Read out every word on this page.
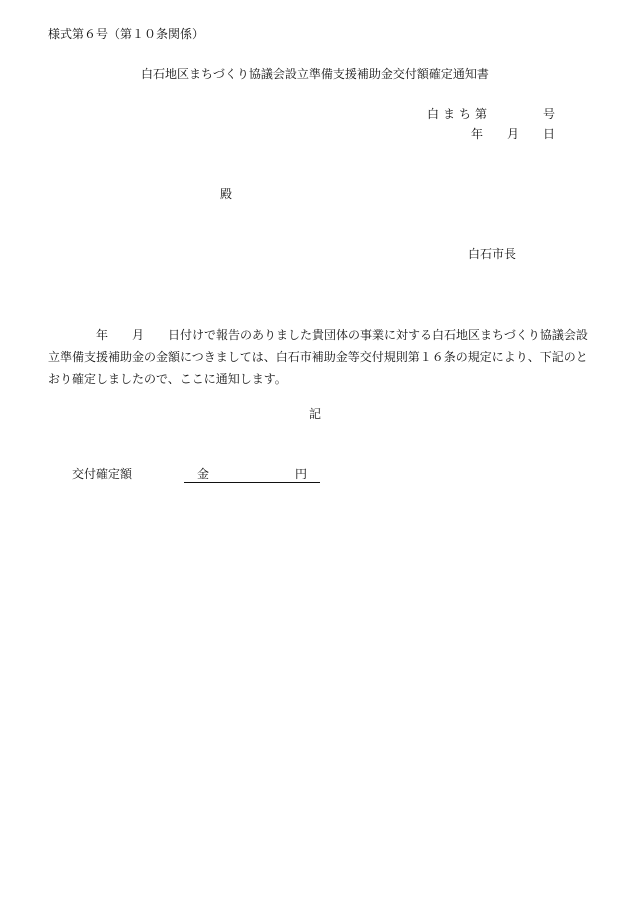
様式第６号（第１０条関係）
白石地区まちづくり協議会設立準備支援補助金交付額確定通知書
白まち第	号
年 月 日
殿
白石市長
年 月 日付けで報告のありました貴団体の事業に対する白石地区まちづくり協議会設立準備支援補助金の金額につきましては、白石市補助金等交付規則第１６条の規定により、下記のとおり確定しましたので、ここに通知します。
記
交付確定額	金	円
